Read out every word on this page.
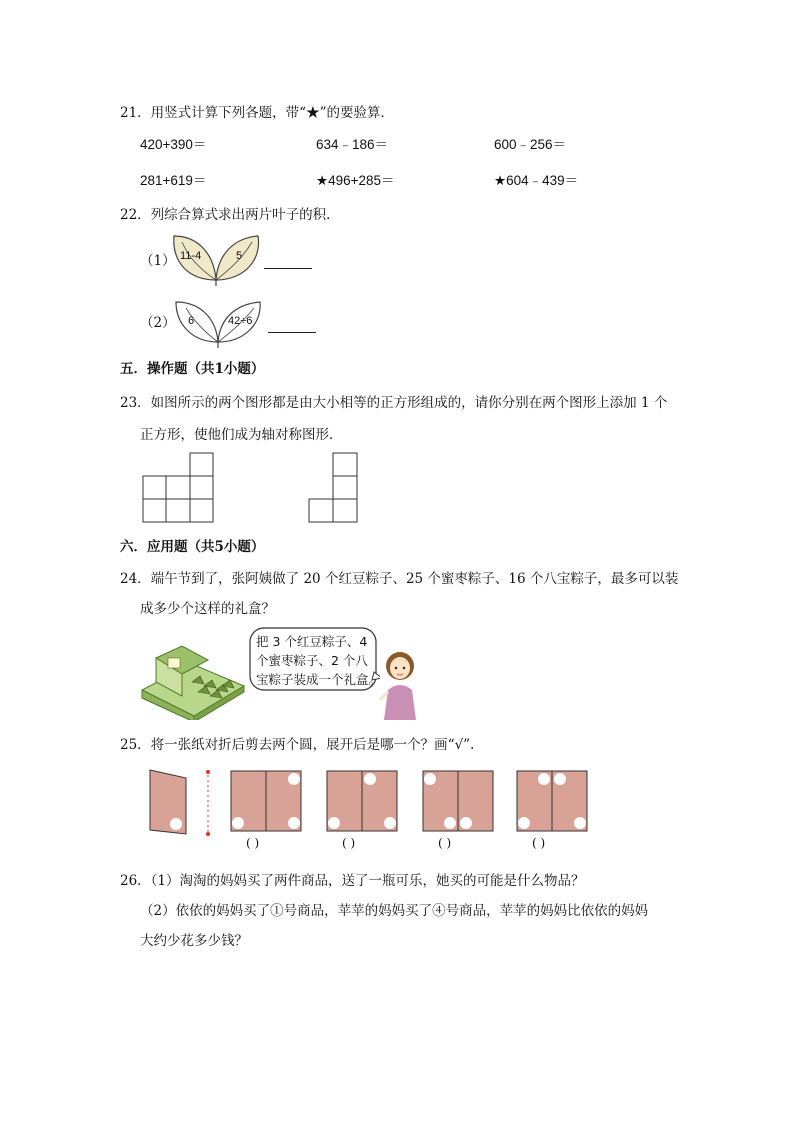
21．用竖式计算下列各题，带“★”的要验算．
420+390＝	634﹣186＝	600﹣256＝
281+619＝	★496+285＝	★604﹣439＝
22．列综合算式求出两片叶子的积．
（1） 11-4	5
（2） 6	42÷6
五．操作题（共1小题）
23．如图所示的两个图形都是由大小相等的正方形组成的，请你分别在两个图形上添加 1 个
正方形，使他们成为轴对称图形．
六．应用题（共5小题）
24．端午节到了，张阿姨做了 20 个红豆粽子、25 个蜜枣粽子、16 个八宝粽子，最多可以装
成多少个这样的礼盒？
把 3 个红豆粽子、4
个蜜枣粽子、2 个八
宝粽子装成一个礼盒。
25．将一张纸对折后剪去两个圆，展开后是哪一个？画“√”．
( )	( )	( )	( )
26．（1）淘淘的妈妈买了两件商品，送了一瓶可乐，她买的可能是什么物品？
（2）依依的妈妈买了①号商品，苹苹的妈妈买了④号商品，苹苹的妈妈比依依的妈妈
大约少花多少钱？
